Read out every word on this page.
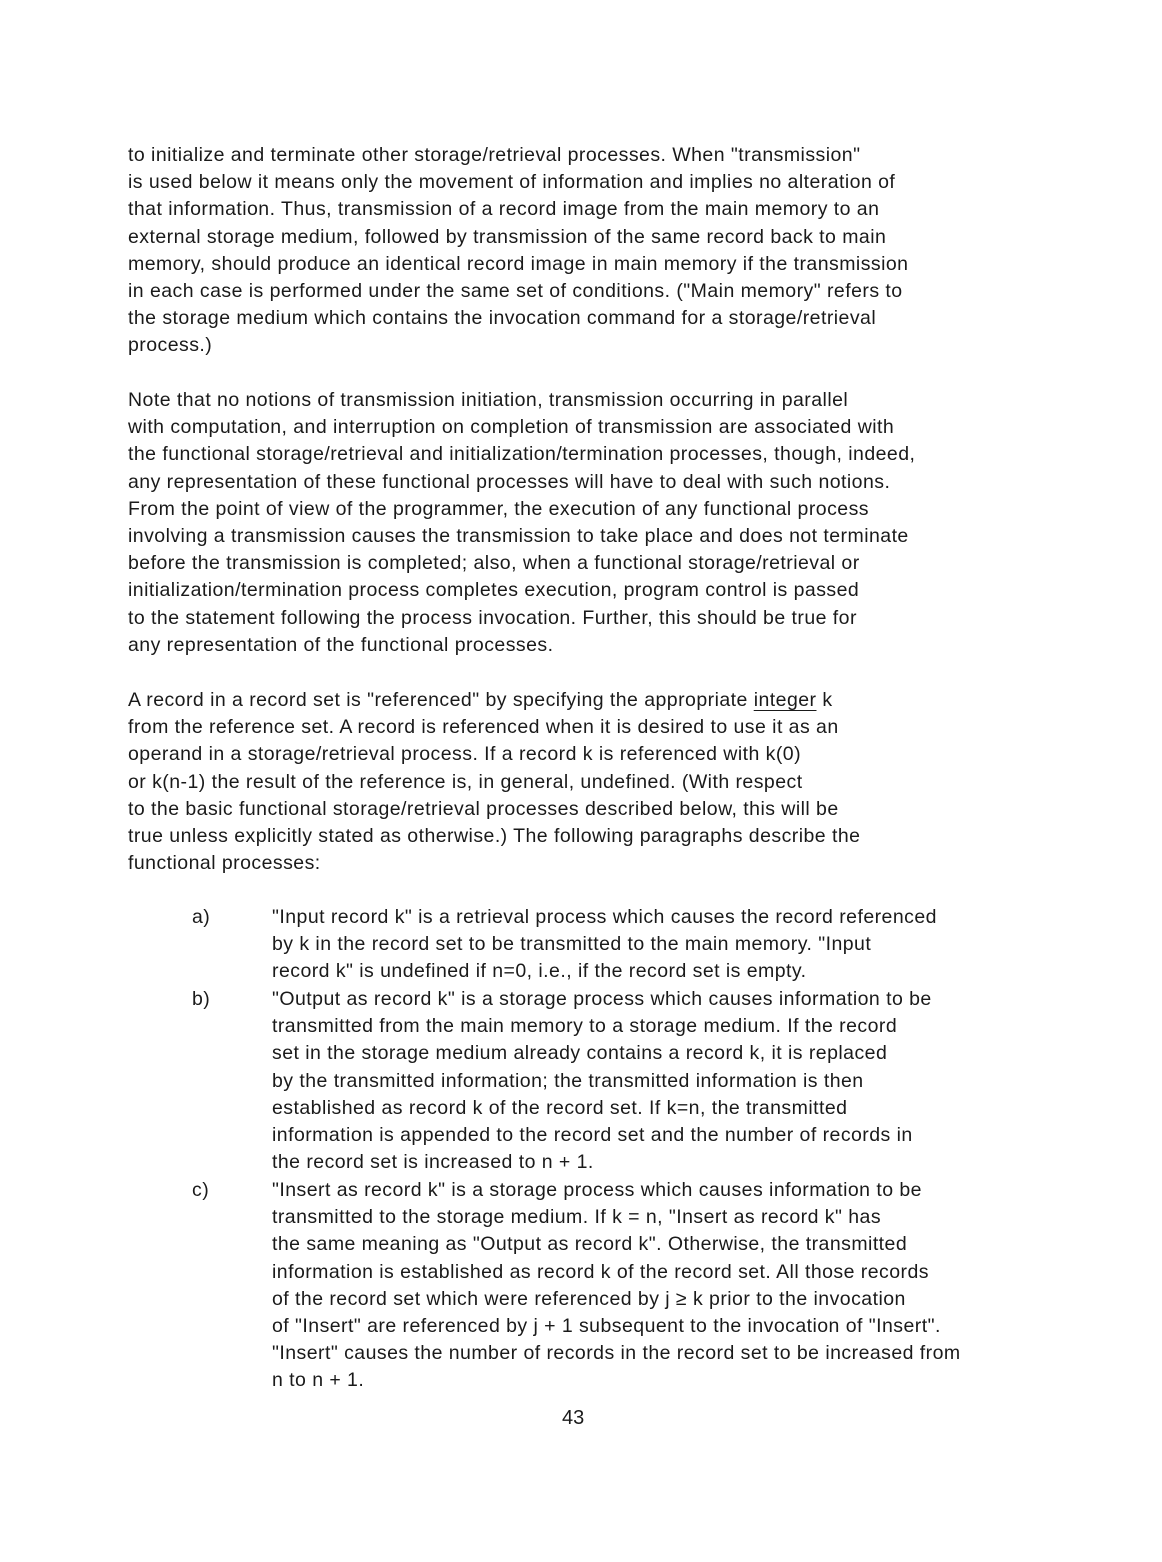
to initialize and terminate other storage/retrieval processes. When "transmission"
is used below it means only the movement of information and implies no alteration of
that information. Thus, transmission of a record image from the main memory to an
external storage medium, followed by transmission of the same record back to main
memory, should produce an identical record image in main memory if the transmission
in each case is performed under the same set of conditions. ("Main memory" refers to
the storage medium which contains the invocation command for a storage/retrieval
process.)
Note that no notions of transmission initiation, transmission occurring in parallel
with computation, and interruption on completion of transmission are associated with
the functional storage/retrieval and initialization/termination processes, though, indeed,
any representation of these functional processes will have to deal with such notions.
From the point of view of the programmer, the execution of any functional process
involving a transmission causes the transmission to take place and does not terminate
before the transmission is completed; also, when a functional storage/retrieval or
initialization/termination process completes execution, program control is passed
to the statement following the process invocation. Further, this should be true for
any representation of the functional processes.
A record in a record set is "referenced" by specifying the appropriate integer k
from the reference set. A record is referenced when it is desired to use it as an
operand in a storage/retrieval process. If a record k is referenced with k(0)
or k(n-1) the result of the reference is, in general, undefined. (With respect
to the basic functional storage/retrieval processes described below, this will be
true unless explicitly stated as otherwise.) The following paragraphs describe the
functional processes:
a)	"Input record k" is a retrieval process which causes the record referenced
by k in the record set to be transmitted to the main memory. "Input
record k" is undefined if n=0, i.e., if the record set is empty.
b)	"Output as record k" is a storage process which causes information to be
transmitted from the main memory to a storage medium. If the record
set in the storage medium already contains a record k, it is replaced
by the transmitted information; the transmitted information is then
established as record k of the record set. If k=n, the transmitted
information is appended to the record set and the number of records in
the record set is increased to n + 1.
c)	"Insert as record k" is a storage process which causes information to be
transmitted to the storage medium. If k = n, "Insert as record k" has
the same meaning as "Output as record k". Otherwise, the transmitted
information is established as record k of the record set. All those records
of the record set which were referenced by j ≥ k prior to the invocation
of "Insert" are referenced by j + 1 subsequent to the invocation of "Insert".
"Insert" causes the number of records in the record set to be increased from
n to n + 1.
43
